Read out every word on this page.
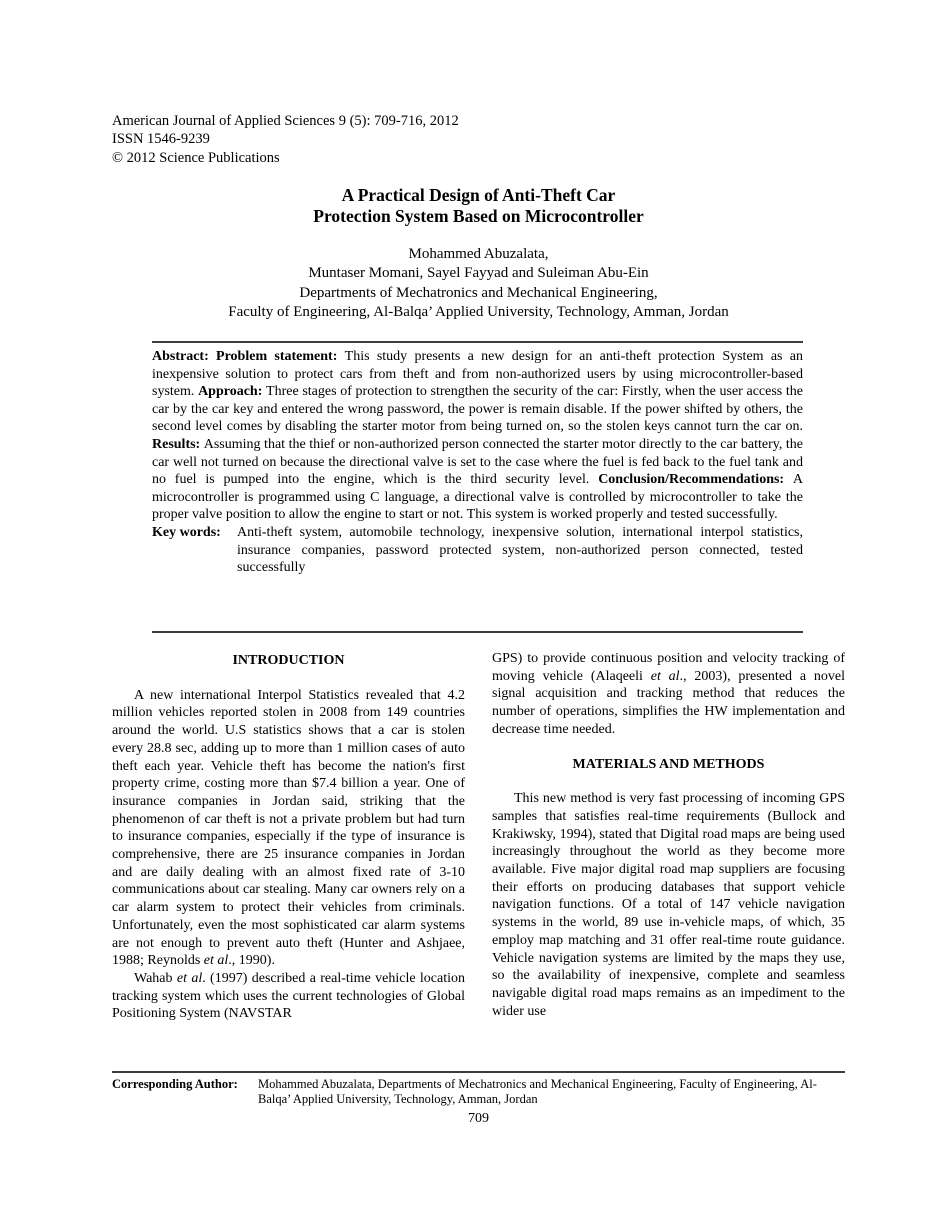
American Journal of Applied Sciences 9 (5): 709-716, 2012
ISSN 1546-9239
© 2012 Science Publications
A Practical Design of Anti-Theft Car
Protection System Based on Microcontroller
Mohammed Abuzalata,
Muntaser Momani, Sayel Fayyad and Suleiman Abu-Ein
Departments of Mechatronics and Mechanical Engineering,
Faculty of Engineering, Al-Balqa’ Applied University, Technology, Amman, Jordan

Abstract: Problem statement: This study presents a new design for an anti-theft protection System as an inexpensive solution to protect cars from theft and from non-authorized users by using microcontroller-based system. Approach: Three stages of protection to strengthen the security of the car: Firstly, when the user access the car by the car key and entered the wrong password, the power is remain disable. If the power shifted by others, the second level comes by disabling the starter motor from being turned on, so the stolen keys cannot turn the car on. Results: Assuming that the thief or non-authorized person connected the starter motor directly to the car battery, the car well not turned on because the directional valve is set to the case where the fuel is fed back to the fuel tank and no fuel is pumped into the engine, which is the third security level. Conclusion/Recommendations: A microcontroller is programmed using C language, a directional valve is controlled by microcontroller to take the proper valve position to allow the engine to start or not. This system is worked properly and tested successfully.

Key words: Anti-theft system, automobile technology, inexpensive solution, international interpol statistics, insurance companies, password protected system, non-authorized person connected, tested successfully

INTRODUCTION

A new international Interpol Statistics revealed that 4.2 million vehicles reported stolen in 2008 from 149 countries around the world. U.S statistics shows that a car is stolen every 28.8 sec, adding up to more than 1 million cases of auto theft each year. Vehicle theft has become the nation's first property crime, costing more than $7.4 billion a year. One of insurance companies in Jordan said, striking that the phenomenon of car theft is not a private problem but had turn to insurance companies, especially if the type of insurance is comprehensive, there are 25 insurance companies in Jordan and are daily dealing with an almost fixed rate of 3-10 communications about car stealing. Many car owners rely on a car alarm system to protect their vehicles from criminals. Unfortunately, even the most sophisticated car alarm systems are not enough to prevent auto theft (Hunter and Ashjaee, 1988; Reynolds et al., 1990).

Wahab et al. (1997) described a real-time vehicle location tracking system which uses the current technologies of Global Positioning System (NAVSTAR

GPS) to provide continuous position and velocity tracking of moving vehicle (Alaqeeli et al., 2003), presented a novel signal acquisition and tracking method that reduces the number of operations, simplifies the HW implementation and decrease time needed.

MATERIALS AND METHODS

This new method is very fast processing of incoming GPS samples that satisfies real-time requirements (Bullock and Krakiwsky, 1994), stated that Digital road maps are being used increasingly throughout the world as they become more available. Five major digital road map suppliers are focusing their efforts on producing databases that support vehicle navigation functions. Of a total of 147 vehicle navigation systems in the world, 89 use in-vehicle maps, of which, 35 employ map matching and 31 offer real-time route guidance. Vehicle navigation systems are limited by the maps they use, so the availability of inexpensive, complete and seamless navigable digital road maps remains as an impediment to the wider use

Corresponding Author: Mohammed Abuzalata, Departments of Mechatronics and Mechanical Engineering, Faculty of Engineering, Al-Balqa’ Applied University, Technology, Amman, Jordan
709
